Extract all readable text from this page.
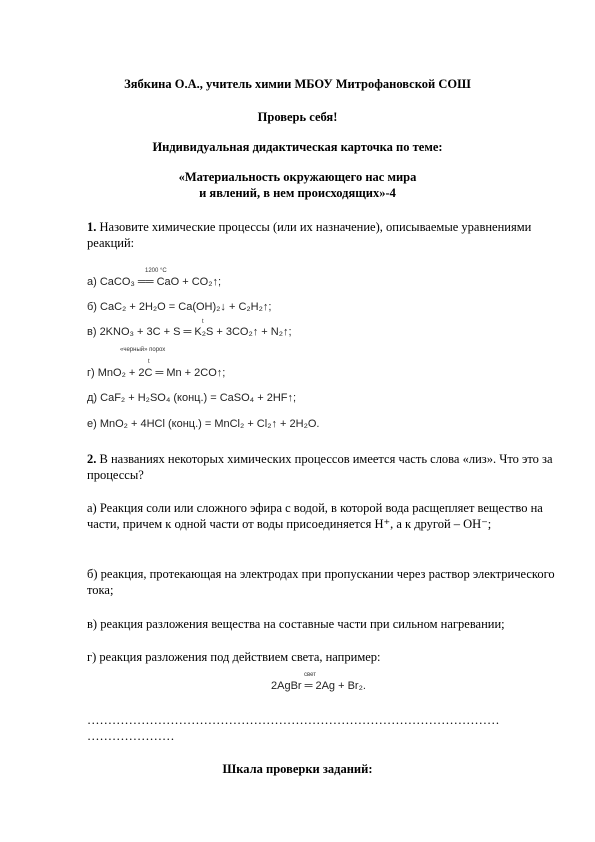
Зябкина О.А., учитель химии МБОУ Митрофановской СОШ
Проверь себя!
Индивидуальная дидактическая карточка по теме:
«Материальность окружающего нас мира
и явлений, в нем происходящих»-4
1. Назовите химические процессы (или их назначение), описываемые уравнениями реакций:
1200 °C
а) CaCO₃ ══ CaO + CO₂↑;
б) CaC₂ + 2H₂O = Ca(OH)₂↓ + C₂H₂↑;
t
в) 2KNO₃ + 3C + S ═ K₂S + 3CO₂↑ + N₂↑;
«черный» порох
t
г) MnO₂ + 2C ═ Mn + 2CO↑;
д) CaF₂ + H₂SO₄ (конц.) = CaSO₄ + 2HF↑;
е) MnO₂ + 4HCl (конц.) = MnCl₂ + Cl₂↑ + 2H₂O.
2. В названиях некоторых химических процессов имеется часть слова «лиз». Что это за процессы?
а) Реакция соли или сложного эфира с водой, в которой вода расщепляет вещество на части, причем к одной части от воды присоединяется H⁺, а к другой – OH⁻;
б) реакция, протекающая на электродах при пропускании через раствор электрического тока;
в) реакция разложения вещества на составные части при сильном нагревании;
г) реакция разложения под действием света, например:
свет
2AgBr ═ 2Ag + Br₂.
………………………………………………………………………………………
…………………
Шкала проверки заданий:
